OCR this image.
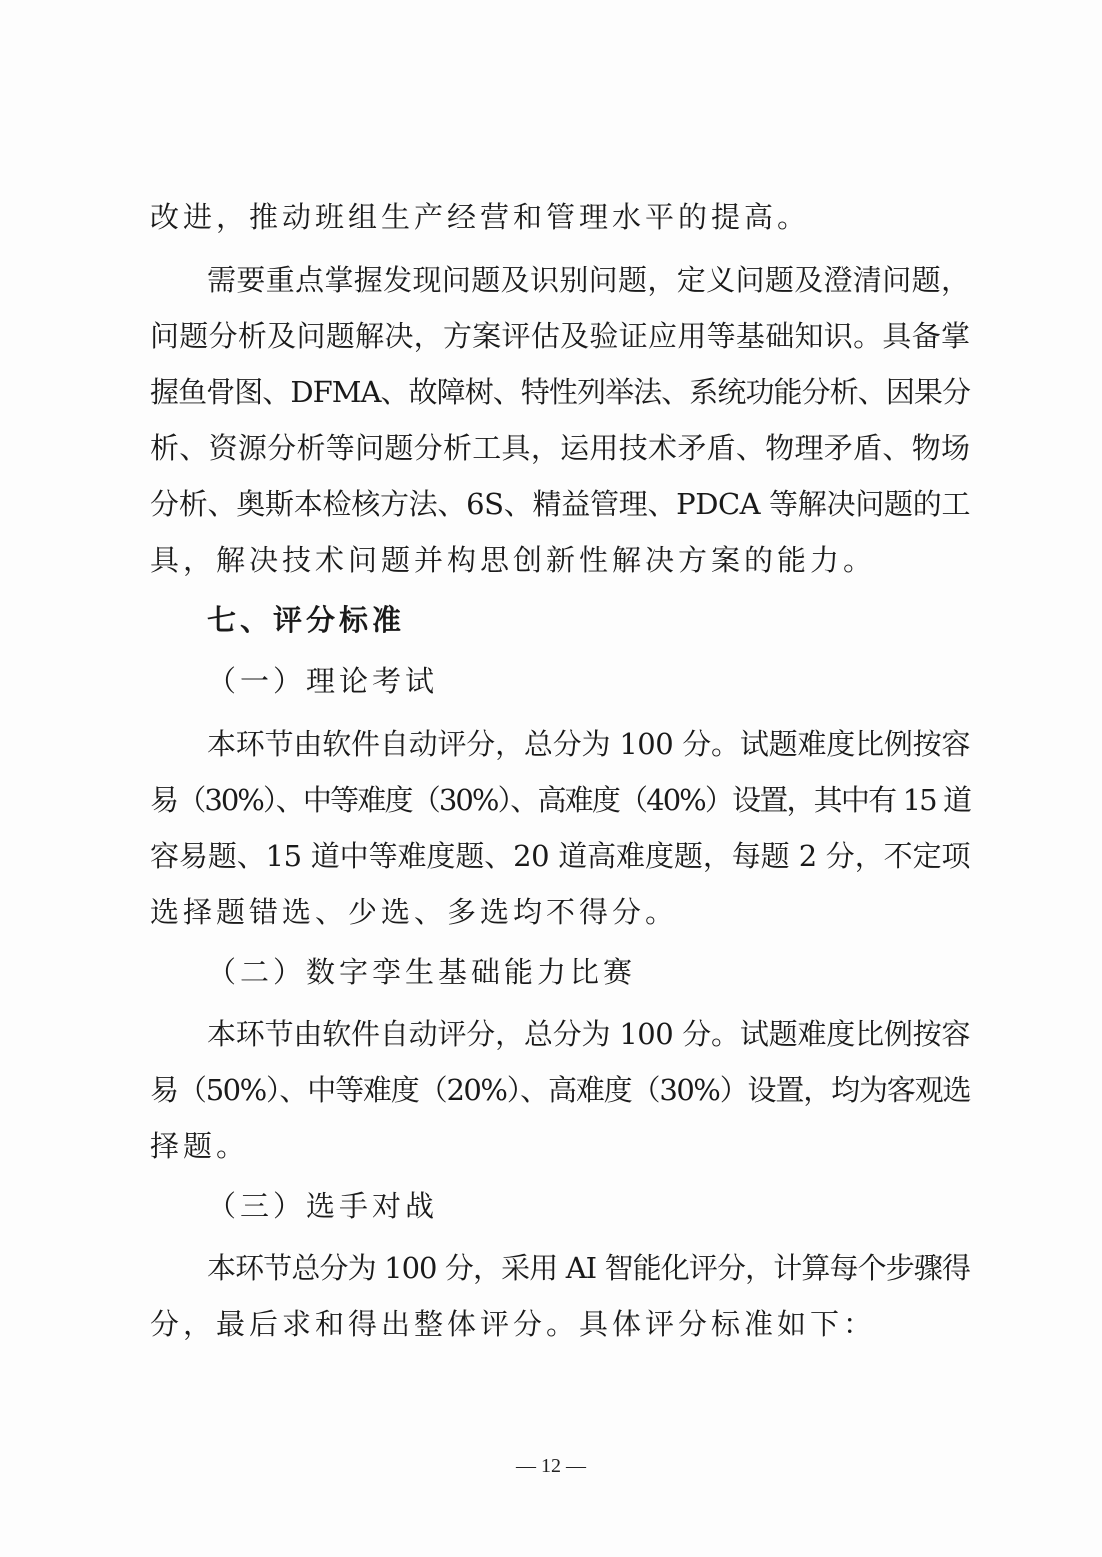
改进，推动班组生产经营和管理水平的提高。
需要重点掌握发现问题及识别问题，定义问题及澄清问题，
问题分析及问题解决，方案评估及验证应用等基础知识。具备掌
握鱼骨图、DFMA、故障树、特性列举法、系统功能分析、因果分
析、资源分析等问题分析工具，运用技术矛盾、物理矛盾、物场
分析、奥斯本检核方法、6S、精益管理、PDCA 等解决问题的工
具，解决技术问题并构思创新性解决方案的能力。
七、评分标准
（一）理论考试
本环节由软件自动评分，总分为 100 分。试题难度比例按容
易（30%）、中等难度（30%）、高难度（40%）设置，其中有 15 道
容易题、15 道中等难度题、20 道高难度题，每题 2 分，不定项
选择题错选、少选、多选均不得分。
（二）数字孪生基础能力比赛
本环节由软件自动评分，总分为 100 分。试题难度比例按容
易（50%）、中等难度（20%）、高难度（30%）设置，均为客观选
择题。
（三）选手对战
本环节总分为 100 分，采用 AI 智能化评分，计算每个步骤得
分，最后求和得出整体评分。具体评分标准如下：
— 12 —
